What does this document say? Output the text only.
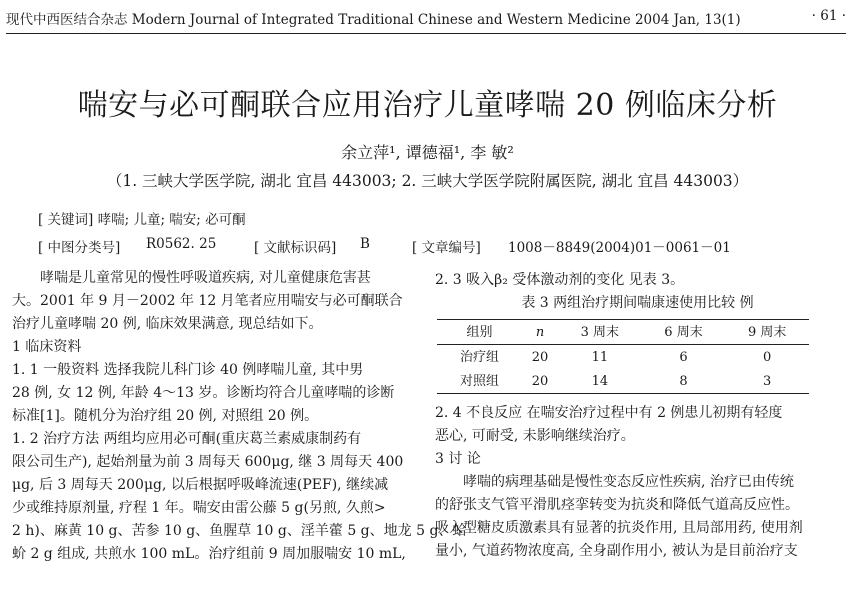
现代中西医结合杂志 Modern Journal of Integrated Traditional Chinese and Western Medicine 2004 Jan, 13(1)	· 61 ·
喘安与必可酮联合应用治疗儿童哮喘 20 例临床分析
余立萍¹, 谭德福¹, 李 敏²
（1. 三峡大学医学院, 湖北 宜昌 443003; 2. 三峡大学医学院附属医院, 湖北 宜昌 443003）
[ 关键词] 哮喘; 儿童; 喘安; 必可酮
[ 中图分类号] R0562. 25	[ 文献标识码] B	[ 文章编号] 1008－8849(2004)01－0061－01
哮喘是儿童常见的慢性呼吸道疾病, 对儿童健康危害甚
大。2001 年 9 月－2002 年 12 月笔者应用喘安与必可酮联合
治疗儿童哮喘 20 例, 临床效果满意, 现总结如下。
1 临床资料
1. 1 一般资料 选择我院儿科门诊 40 例哮喘儿童, 其中男
28 例, 女 12 例, 年龄 4～13 岁。诊断均符合儿童哮喘的诊断
标准[1]。随机分为治疗组 20 例, 对照组 20 例。
1. 2 治疗方法 两组均应用必可酮(重庆葛兰素威康制药有
限公司生产), 起始剂量为前 3 周每天 600μg, 继 3 周每天 400
μg, 后 3 周每天 200μg, 以后根据呼吸峰流速(PEF), 继续减
少或维持原剂量, 疗程 1 年。喘安由雷公藤 5 g(另煎, 久煎>
2 h)、麻黄 10 g、苦参 10 g、鱼腥草 10 g、淫羊藿 5 g、地龙 5 g、蛤
蚧 2 g 组成, 共煎水 100 mL。治疗组前 9 周加服喘安 10 mL,
2. 3 吸入β₂ 受体激动剂的变化 见表 3。

表 3 两组治疗期间喘康速使用比较 例

组别	n	3 周末	6 周末	9 周末
治疗组	20	11	6	0
对照组	20	14	8	3
2. 4 不良反应 在喘安治疗过程中有 2 例患儿初期有轻度
恶心, 可耐受, 未影响继续治疗。
3 讨 论
哮喘的病理基础是慢性变态反应性疾病, 治疗已由传统
的舒张支气管平滑肌痉挛转变为抗炎和降低气道高反应性。
吸入型糖皮质激素具有显著的抗炎作用, 且局部用药, 使用剂
量小, 气道药物浓度高, 全身副作用小, 被认为是目前治疗支
